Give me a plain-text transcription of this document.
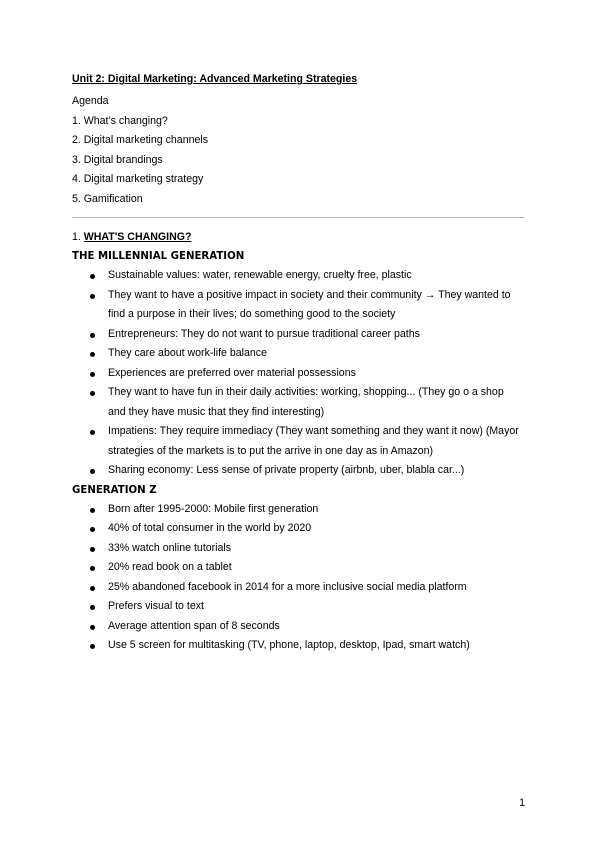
Unit 2: Digital Marketing: Advanced Marketing Strategies

Agenda

1. What’s changing?

2. Digital marketing channels

3. Digital brandings

4. Digital marketing strategy

5. Gamification

1. WHAT'S CHANGING?

THE MILLENNIAL GENERATION

Sustainable values: water, renewable energy, cruelty free, plastic
They want to have a positive impact in society and their community → They wanted to find a purpose in their lives; do something good to the society
Entrepreneurs: They do not want to pursue traditional career paths
They care about work-life balance
Experiences are preferred over material possessions
They want to have fun in their daily activities: working, shopping... (They go o a shop and they have music that they find interesting)
Impatiens: They require immediacy (They want something and they want it now) (Mayor strategies of the markets is to put the arrive in one day as in Amazon)
Sharing economy: Less sense of private property (airbnb, uber, blabla car...)

GENERATION Z

Born after 1995-2000: Mobile first generation
40% of total consumer in the world by 2020
33% watch online tutorials
20% read book on a tablet
25% abandoned facebook in 2014 for a more inclusive social media platform
Prefers visual to text
Average attention span of 8 seconds
Use 5 screen for multitasking (TV, phone, laptop, desktop, Ipad, smart watch)
1
